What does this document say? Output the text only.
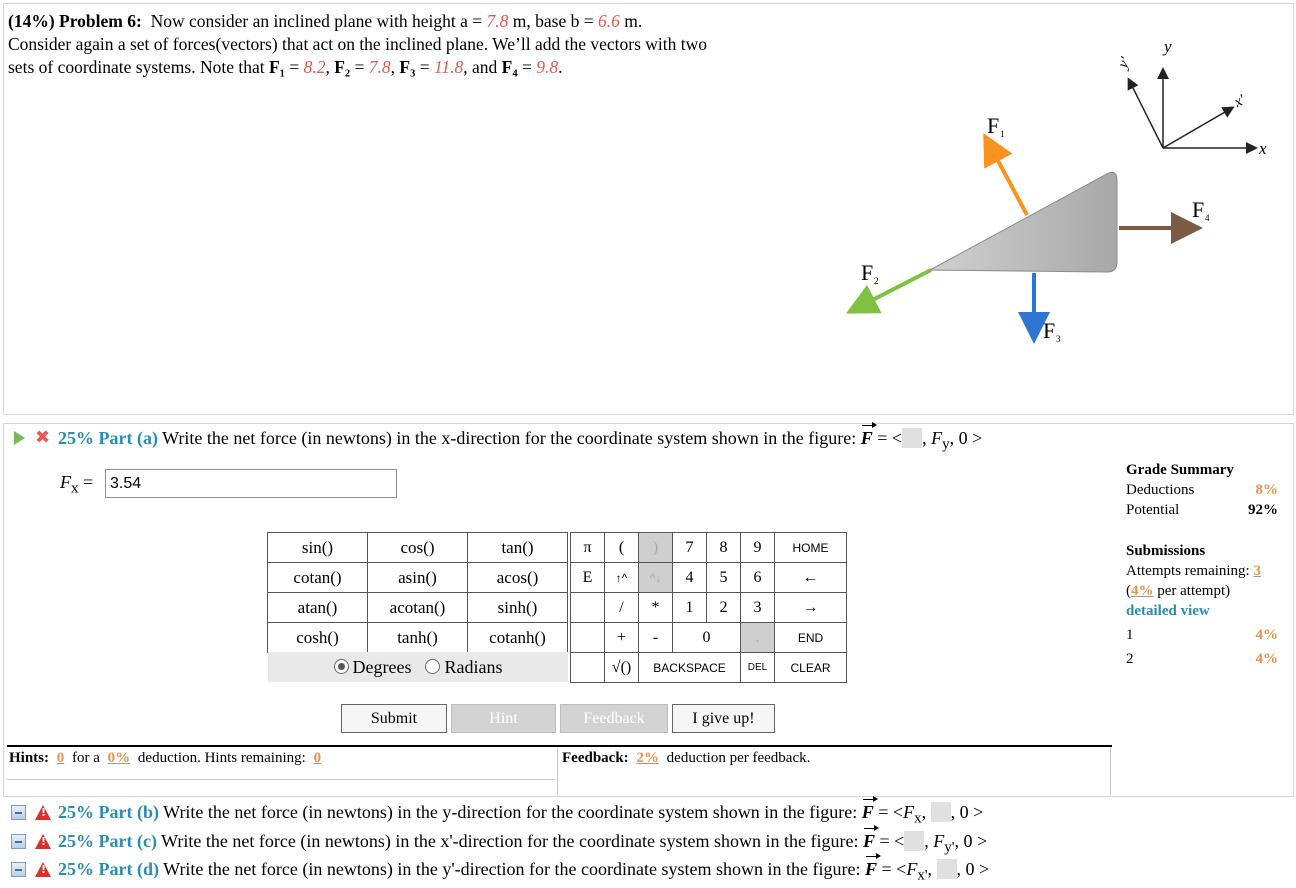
(14%) Problem 6: Now consider an inclined plane with height a = 7.8 m, base b = 6.6 m.
Consider again a set of forces(vectors) that act on the inclined plane. We’ll add the vectors with two
sets of coordinate systems. Note that F₁ = 8.2, F₂ = 7.8, F₃ = 11.8, and F₄ = 9.8.
y
y'
x
x'
F 1
F 2
F 3
F 4
✖ 25% Part (a) Write the net force (in newtons) in the x-direction for the coordinate system shown in the figure: F = < , $F_y$, 0 >
$F_x$ =
3.54
sin()	cos()	tan()
cotan()	asin()	acos()
atan()	acotan()	sinh()
cosh()	tanh()	cotanh()
Degrees	Radians
π	(	)	7	8	9	HOME
E	↑^	^↓	4	5	6	←
	/	*	1	2	3	→
	+	-	0		.	END
	√()	BACKSPACE			DEL	CLEAR
Submit	Hint	Feedback	I give up!
Hints: 0 for a 0% deduction. Hints remaining: 0	Feedback: 2% deduction per feedback.
Grade Summary
Deductions	8%
Potential	92%
Submissions
Attempts remaining: 3
(4% per attempt)
detailed view
1	4%
2	4%
!
25% Part (b) Write the net force (in newtons) in the y-direction for the coordinate system shown in the figure: $F = <F_x$, , 0 >
!
25% Part (c) Write the net force (in newtons) in the x'-direction for the coordinate system shown in the figure: F = < , $F_{y'}$, 0 >
!
25% Part (d) Write the net force (in newtons) in the y'-direction for the coordinate system shown in the figure: $F = <F_{x'}$, , 0 >
